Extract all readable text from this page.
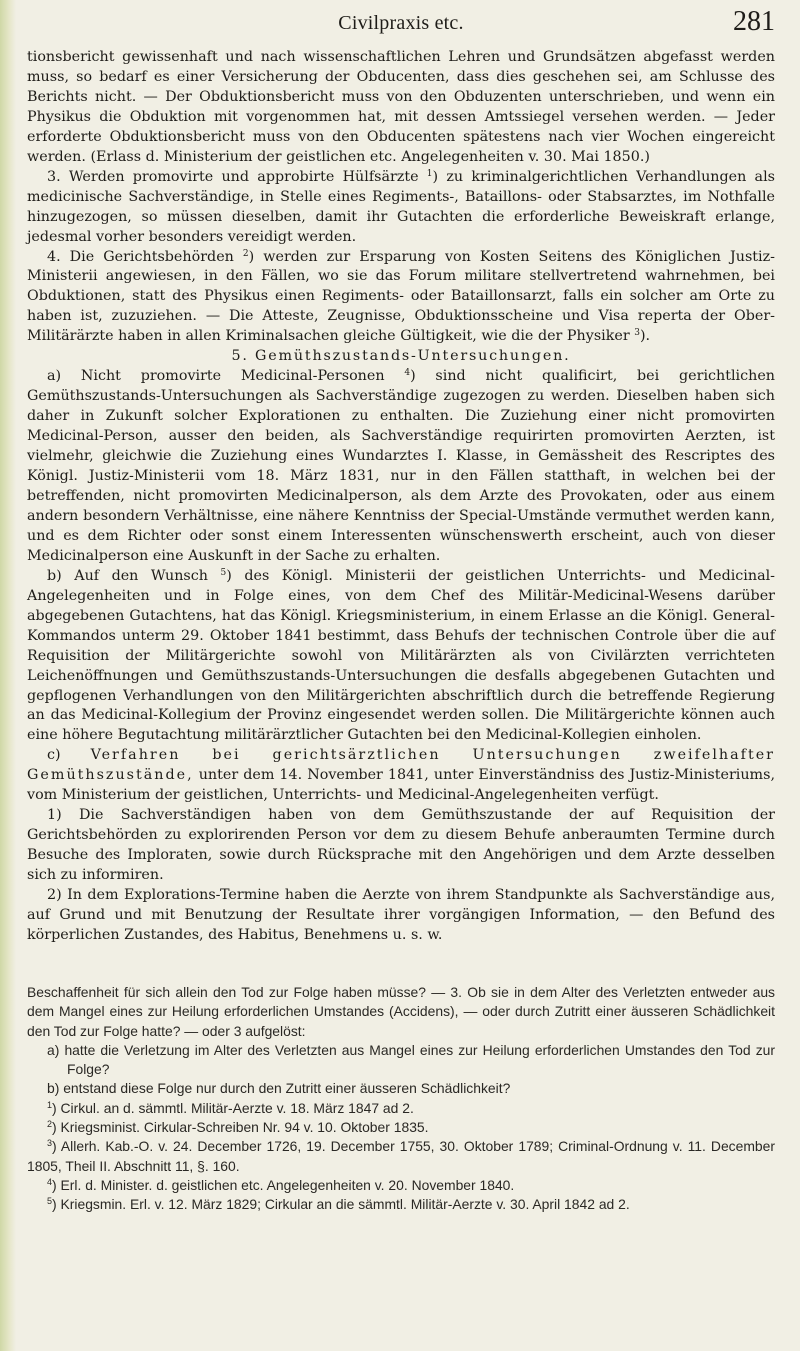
Civilpraxis etc.	281

tionsbericht gewissenhaft und nach wissenschaftlichen Lehren und Grundsätzen abgefasst werden muss, so bedarf es einer Versicherung der Obducenten, dass dies geschehen sei, am Schlusse des Berichts nicht. — Der Obduktionsbericht muss von den Obduzenten unterschrieben, und wenn ein Physikus die Obduktion mit vorgenommen hat, mit dessen Amtssiegel versehen werden. — Jeder erforderte Obduktionsbericht muss von den Obducenten spätestens nach vier Wochen eingereicht werden. (Erlass d. Ministerium der geistlichen etc. Angelegenheiten v. 30. Mai 1850.)

3. Werden promovirte und approbirte Hülfsärzte $^1$) zu kriminalgerichtlichen Verhandlungen als medicinische Sachverständige, in Stelle eines Regiments-, Bataillons- oder Stabsarztes, im Nothfalle hinzugezogen, so müssen dieselben, damit ihr Gutachten die erforderliche Beweiskraft erlange, jedesmal vorher besonders vereidigt werden.

4. Die Gerichtsbehörden $^2$) werden zur Ersparung von Kosten Seitens des Königlichen Justiz-Ministerii angewiesen, in den Fällen, wo sie das Forum militare stellvertretend wahrnehmen, bei Obduktionen, statt des Physikus einen Regiments- oder Bataillonsarzt, falls ein solcher am Orte zu haben ist, zuzuziehen. — Die Atteste, Zeugnisse, Obduktionsscheine und Visa reperta der Ober-Militärärzte haben in allen Kriminalsachen gleiche Gültigkeit, wie die der Physiker $^3$).

5. Gemüthszustands-Untersuchungen.

a) Nicht promovirte Medicinal-Personen $^4$) sind nicht qualificirt, bei gerichtlichen Gemüthszustands-Untersuchungen als Sachverständige zugezogen zu werden. Dieselben haben sich daher in Zukunft solcher Explorationen zu enthalten. Die Zuziehung einer nicht promovirten Medicinal-Person, ausser den beiden, als Sachverständige requirirten promovirten Aerzten, ist vielmehr, gleichwie die Zuziehung eines Wundarztes I. Klasse, in Gemässheit des Rescriptes des Königl. Justiz-Ministerii vom 18. März 1831, nur in den Fällen statthaft, in welchen bei der betreffenden, nicht promovirten Medicinalperson, als dem Arzte des Provokaten, oder aus einem andern besondern Verhältnisse, eine nähere Kenntniss der Special-Umstände vermuthet werden kann, und es dem Richter oder sonst einem Interessenten wünschenswerth erscheint, auch von dieser Medicinalperson eine Auskunft in der Sache zu erhalten.

b) Auf den Wunsch $^5$) des Königl. Ministerii der geistlichen Unterrichts- und Medicinal-Angelegenheiten und in Folge eines, von dem Chef des Militär-Medicinal-Wesens darüber abgegebenen Gutachtens, hat das Königl. Kriegsministerium, in einem Erlasse an die Königl. General-Kommandos unterm 29. Oktober 1841 bestimmt, dass Behufs der technischen Controle über die auf Requisition der Militärgerichte sowohl von Militärärzten als von Civilärzten verrichteten Leichenöffnungen und Gemüthszustands-Untersuchungen die desfalls abgegebenen Gutachten und gepflogenen Verhandlungen von den Militärgerichten abschriftlich durch die betreffende Regierung an das Medicinal-Kollegium der Provinz eingesendet werden sollen. Die Militärgerichte können auch eine höhere Begutachtung militärärztlicher Gutachten bei den Medicinal-Kollegien einholen.

c) Verfahren bei gerichtsärztlichen Untersuchungen zweifelhafter Gemüthszustände, unter dem 14. November 1841, unter Einverständniss des Justiz-Ministeriums, vom Ministerium der geistlichen, Unterrichts- und Medicinal-Angelegenheiten verfügt.

1) Die Sachverständigen haben von dem Gemüthszustande der auf Requisition der Gerichtsbehörden zu explorirenden Person vor dem zu diesem Behufe anberaumten Termine durch Besuche des Imploraten, sowie durch Rücksprache mit den Angehörigen und dem Arzte desselben sich zu informiren.

2) In dem Explorations-Termine haben die Aerzte von ihrem Standpunkte als Sachverständige aus, auf Grund und mit Benutzung der Resultate ihrer vorgängigen Information, — den Befund des körperlichen Zustandes, des Habitus, Benehmens u. s. w.

Beschaffenheit für sich allein den Tod zur Folge haben müsse? — 3. Ob sie in dem Alter des Verletzten entweder aus dem Mangel eines zur Heilung erforderlichen Umstandes (Accidens), — oder durch Zutritt einer äusseren Schädlichkeit den Tod zur Folge hatte? — oder 3 aufgelöst:

a) hatte die Verletzung im Alter des Verletzten aus Mangel eines zur Heilung erforderlichen Umstandes den Tod zur Folge?

b) entstand diese Folge nur durch den Zutritt einer äusseren Schädlichkeit?

$^1$) Cirkul. an d. sämmtl. Militär-Aerzte v. 18. März 1847 ad 2.

$^2$) Kriegsminist. Cirkular-Schreiben Nr. 94 v. 10. Oktober 1835.

$^3$) Allerh. Kab.-O. v. 24. December 1726, 19. December 1755, 30. Oktober 1789; Criminal-Ordnung v. 11. December 1805, Theil II. Abschnitt 11, §. 160.

$^4$) Erl. d. Minister. d. geistlichen etc. Angelegenheiten v. 20. November 1840.

$^5$) Kriegsmin. Erl. v. 12. März 1829; Cirkular an die sämmtl. Militär-Aerzte v. 30. April 1842 ad 2.
